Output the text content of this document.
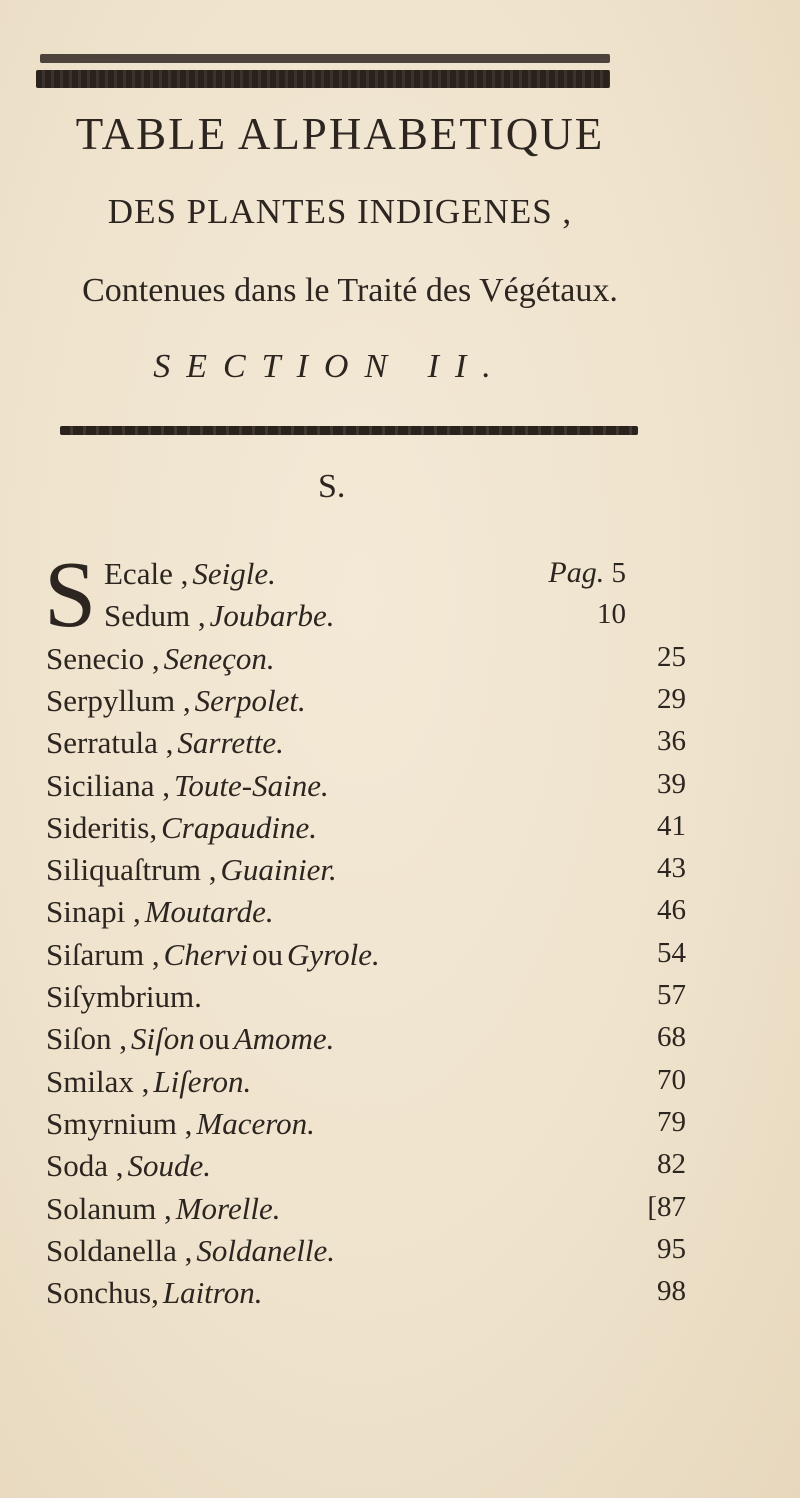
TABLE ALPHABETIQUE
DES PLANTES INDIGENES ,
Contenues dans le Traité des Végétaux.
SECTION II.
S.
S Ecale , Seigle.	Pag. 5
Sedum , Joubarbe.	10
Senecio , Seneçon.	25
Serpyllum , Serpolet.	29
Serratula , Sarrette.	36
Siciliana , Toute-Saine.	39
Sideritis, Crapaudine.	41
Siliquaſtrum , Guainier.	43
Sinapi , Moutarde.	46
Siſarum , Chervi ou Gyrole.	54
Siſymbrium.	57
Siſon , Siſon ou Amome.	68
Smilax , Liſeron.	70
Smyrnium , Maceron.	79
Soda , Soude.	82
Solanum , Morelle.	[87
Soldanella , Soldanelle.	95
Sonchus, Laitron.	98
